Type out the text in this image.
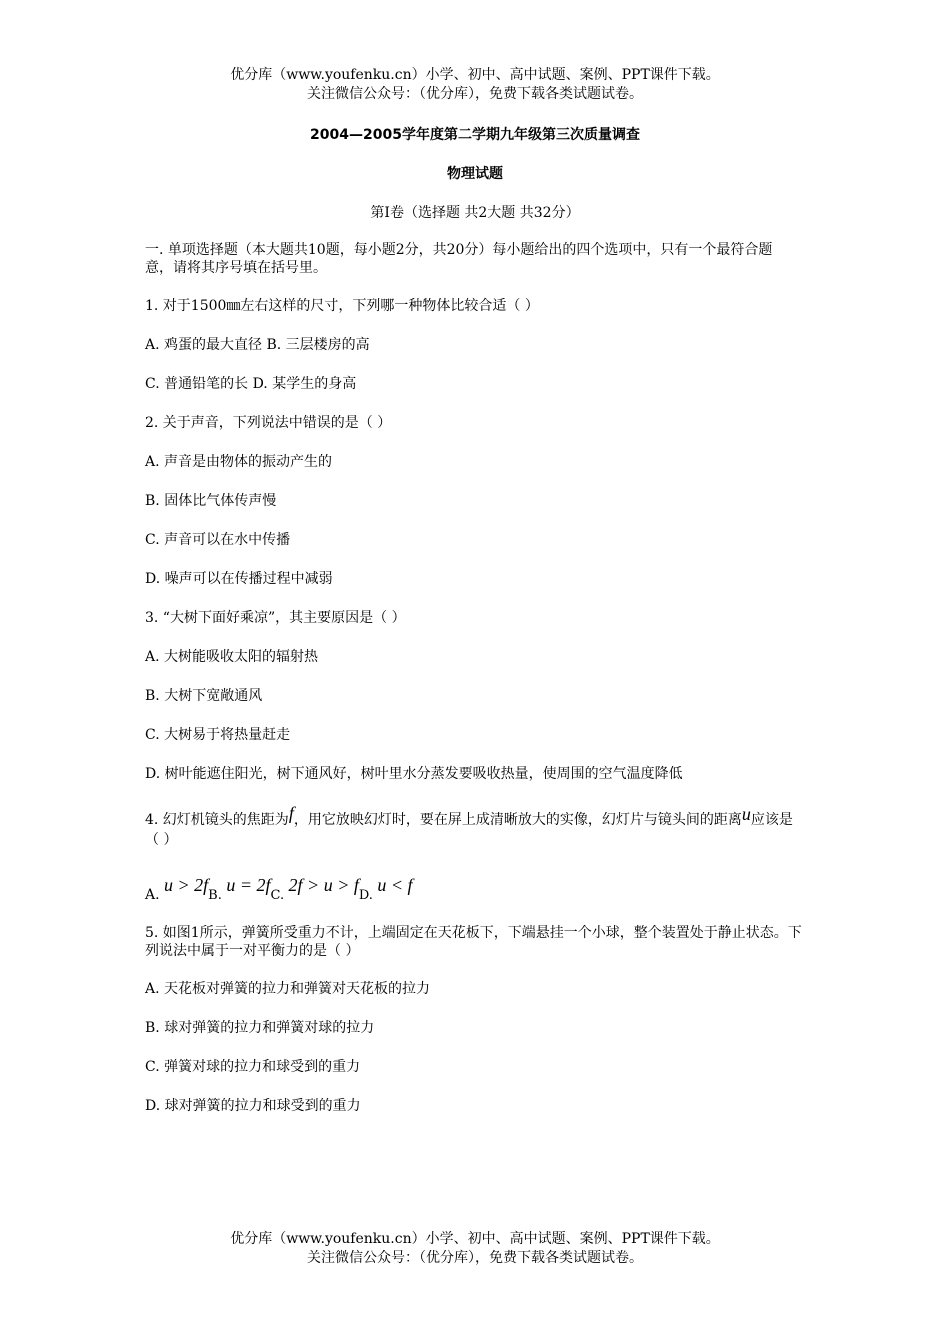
优分库（www.youfenku.cn）小学、初中、高中试题、案例、PPT课件下载。
关注微信公众号：（优分库），免费下载各类试题试卷。
2004—2005学年度第二学期九年级第三次质量调查
物理试题
第Ⅰ卷（选择题 共2大题 共32分）
一. 单项选择题（本大题共10题，每小题2分，共20分）每小题给出的四个选项中，只有一个最符合题意，请将其序号填在括号里。
1. 对于1500㎜左右这样的尺寸，下列哪一种物体比较合适（ ）
A. 鸡蛋的最大直径 B. 三层楼房的高
C. 普通铅笔的长 D. 某学生的身高
2. 关于声音，下列说法中错误的是（ ）
A. 声音是由物体的振动产生的
B. 固体比气体传声慢
C. 声音可以在水中传播
D. 噪声可以在传播过程中减弱
3. “大树下面好乘凉”，其主要原因是（ ）
A. 大树能吸收太阳的辐射热
B. 大树下宽敞通风
C. 大树易于将热量赶走
D. 树叶能遮住阳光，树下通风好，树叶里水分蒸发要吸收热量，使周围的空气温度降低
4. 幻灯机镜头的焦距为f，用它放映幻灯时，要在屏上成清晰放大的实像，幻灯片与镜头间的距离u应该是（ ）
A. u > 2fB. u = 2fC. 2f > u > fD. u < f
5. 如图1所示，弹簧所受重力不计，上端固定在天花板下，下端悬挂一个小球，整个装置处于静止状态。下列说法中属于一对平衡力的是（ ）
A. 天花板对弹簧的拉力和弹簧对天花板的拉力
B. 球对弹簧的拉力和弹簧对球的拉力
C. 弹簧对球的拉力和球受到的重力
D. 球对弹簧的拉力和球受到的重力
优分库（www.youfenku.cn）小学、初中、高中试题、案例、PPT课件下载。
关注微信公众号：（优分库），免费下载各类试题试卷。
